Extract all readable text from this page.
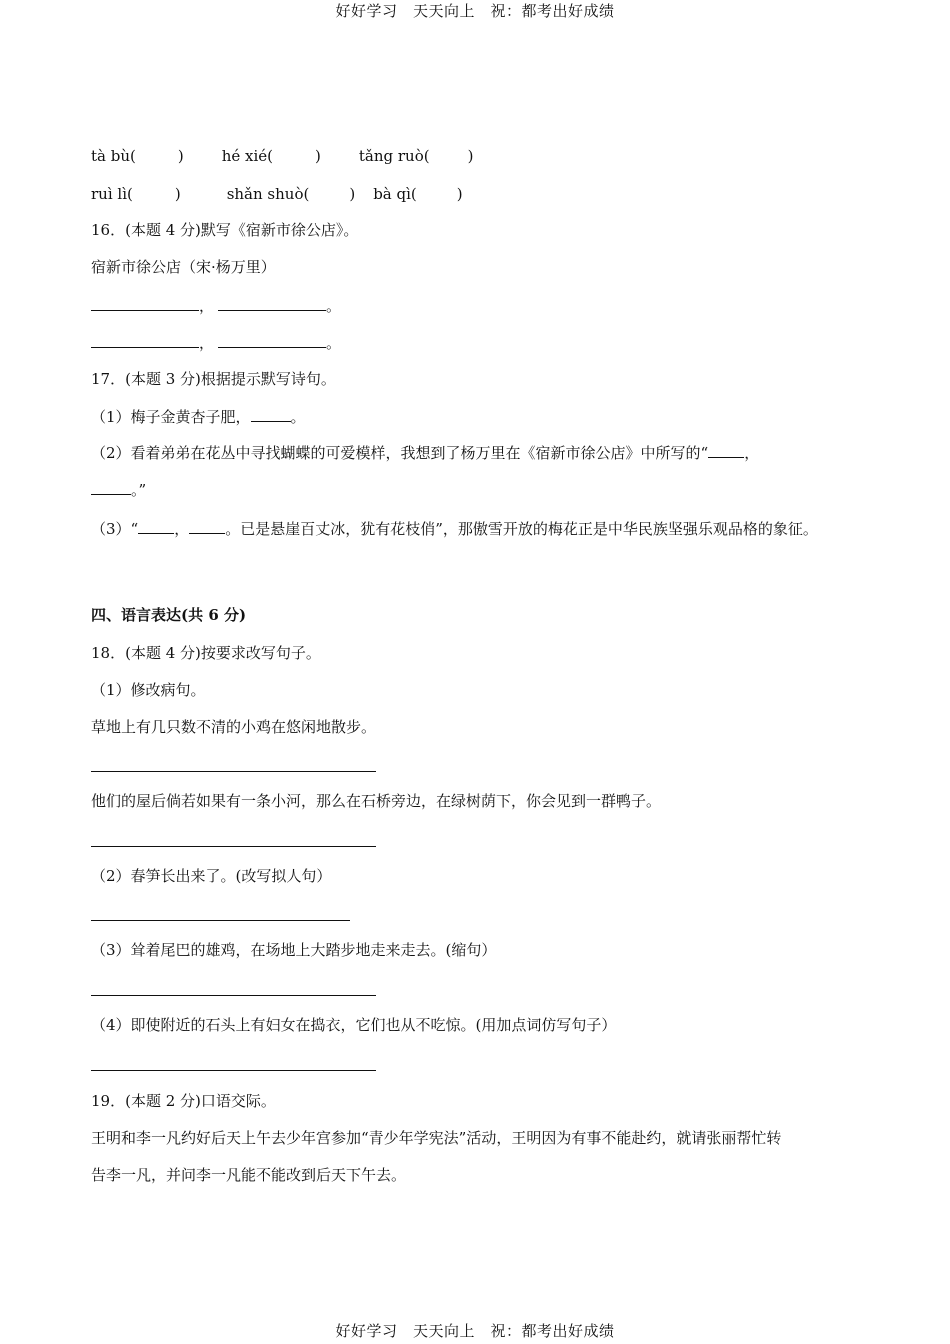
好好学习　天天向上　祝：都考出好成绩
tà bù(	)	hé xié(	)	tǎng ruò(	)
ruì lì(	)	shǎn shuò(	) bà qì(	)
16．(本题 4 分)默写《宿新市徐公店》。
宿新市徐公店（宋·杨万里）
，	。
，	。
17．(本题 3 分)根据提示默写诗句。
（1）梅子金黄杏子肥，	。
（2）看着弟弟在花丛中寻找蝴蝶的可爱模样，我想到了杨万里在《宿新市徐公店》中所写的“ ，
。”
（3）“ ， 。已是悬崖百丈冰，犹有花枝俏”，那傲雪开放的梅花正是中华民族坚强乐观品格的象征。
四、语言表达(共 6 分)
18．(本题 4 分)按要求改写句子。
（1）修改病句。
草地上有几只数不清的小鸡在悠闲地散步。
他们的屋后倘若如果有一条小河，那么在石桥旁边，在绿树荫下，你会见到一群鸭子。
（2）春笋长出来了。(改写拟人句）
（3）耸着尾巴的雄鸡，在场地上大踏步地走来走去。(缩句）
（4）即使附近的石头上有妇女在捣衣，它们也从不吃惊。(用加点词仿写句子）
19．(本题 2 分)口语交际。
王明和李一凡约好后天上午去少年宫参加“青少年学宪法”活动，王明因为有事不能赴约，就请张丽帮忙转
告李一凡，并问李一凡能不能改到后天下午去。
好好学习　天天向上　祝：都考出好成绩
